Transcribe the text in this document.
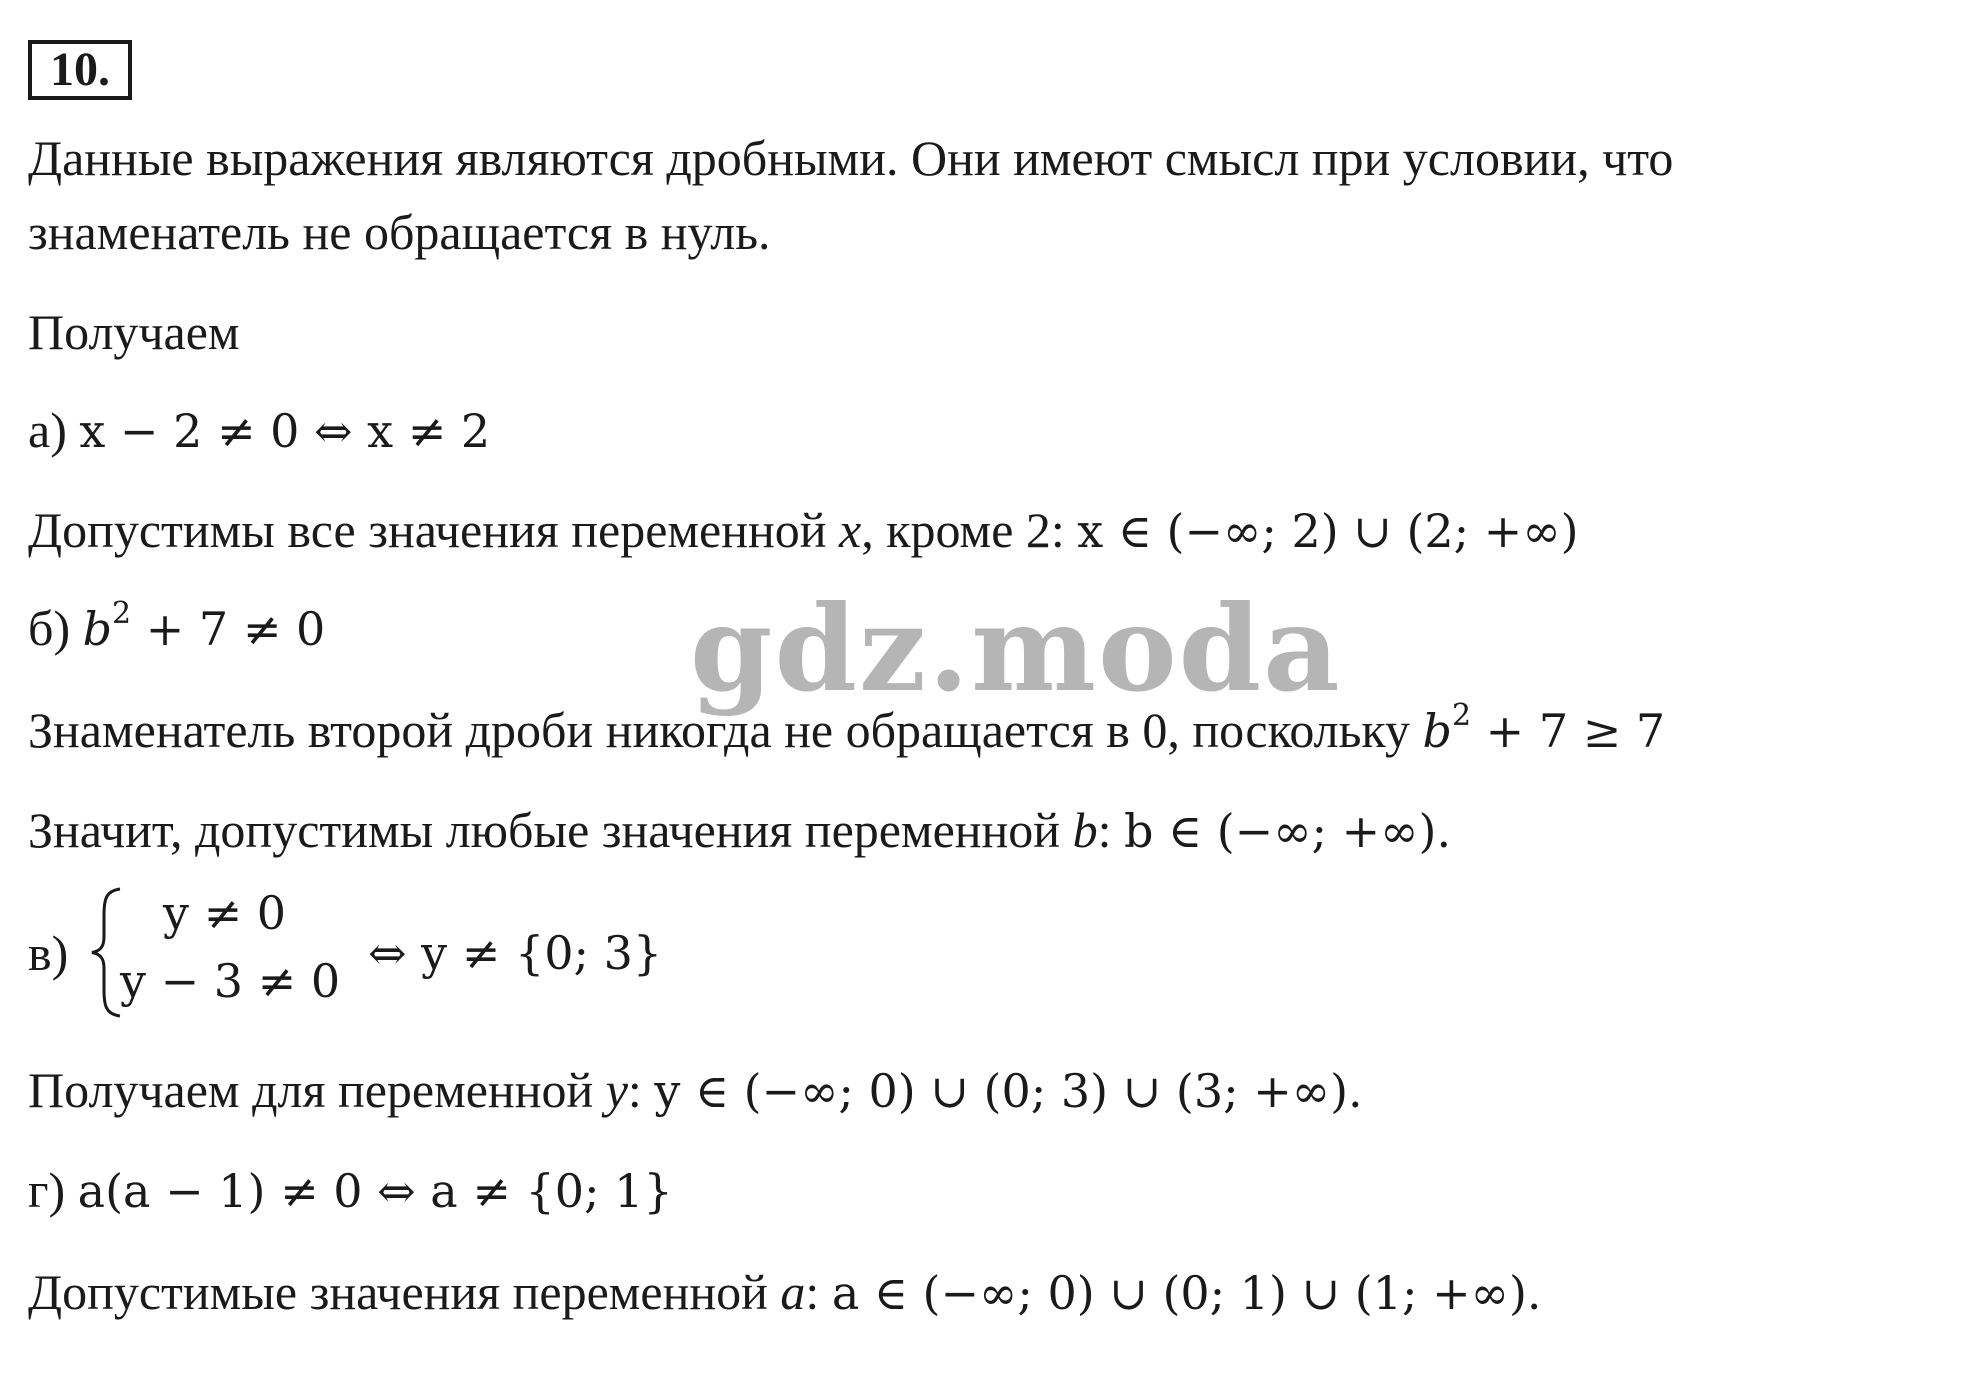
10.
Данные выражения являются дробными. Они имеют смысл при условии, что
знаменатель не обращается в нуль.
Получаем
а) x − 2 ≠ 0 ⇔ x ≠ 2
Допустимы все значения переменной x, кроме 2: x ∈ (−∞; 2) ∪ (2; +∞)
б) $b^2 + 7 \ne 0$
Знаменатель второй дроби никогда не обращается в 0, поскольку $b^2 + 7 \ge 7$
Значит, допустимы любые значения переменной b: b ∈ (−∞; +∞).
в)
y ≠ 0
y − 3 ≠ 0
⇔ y ≠ {0; 3}
Получаем для переменной y: y ∈ (−∞; 0) ∪ (0; 3) ∪ (3; +∞).
г) a(a − 1) ≠ 0 ⇔ a ≠ {0; 1}
Допустимые значения переменной a: a ∈ (−∞; 0) ∪ (0; 1) ∪ (1; +∞).
gdz.moda
